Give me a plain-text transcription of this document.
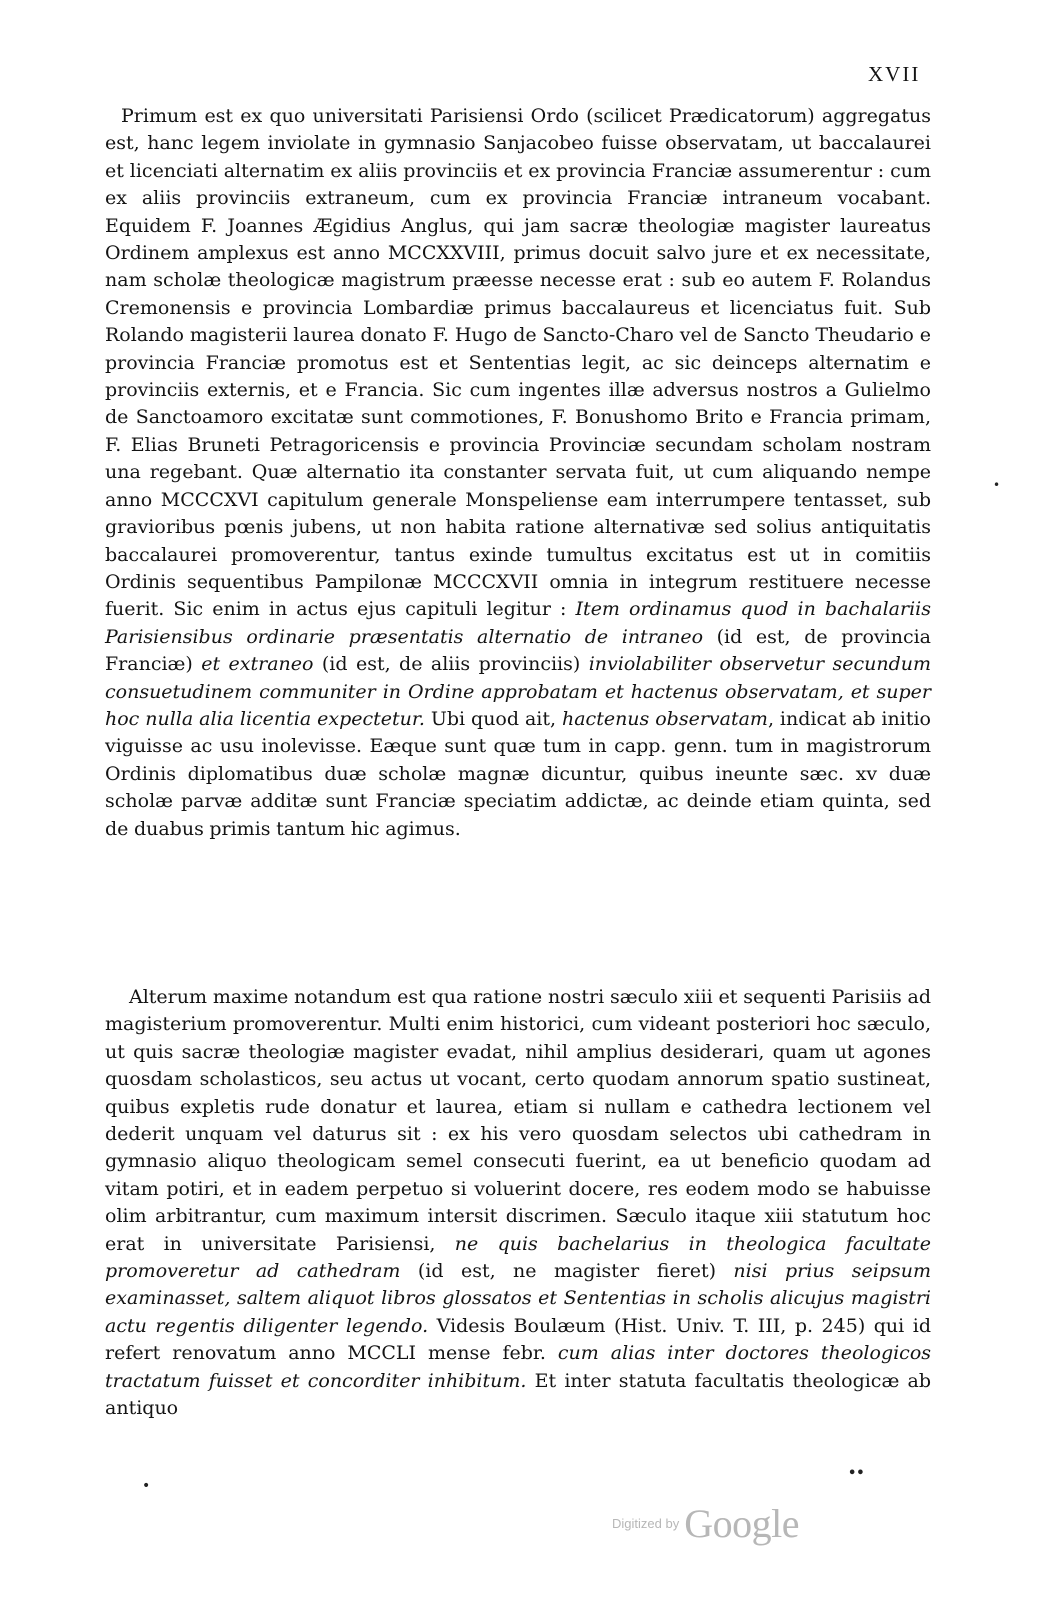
XVII

Primum est ex quo universitati Parisiensi Ordo (scilicet Prædicatorum) aggregatus est, hanc legem inviolate in gymnasio Sanjacobeo fuisse observatam, ut baccalaurei et licenciati alternatim ex aliis provinciis et ex provincia Franciæ assumerentur : cum ex aliis provinciis extraneum, cum ex provincia Franciæ intraneum vocabant. Equidem F. Joannes Ægidius Anglus, qui jam sacræ theologiæ magister laureatus Ordinem amplexus est anno MCCXXVIII, primus docuit salvo jure et ex necessitate, nam scholæ theologicæ magistrum præesse necesse erat : sub eo autem F. Rolandus Cremonensis e provincia Lombardiæ primus baccalaureus et licenciatus fuit. Sub Rolando magisterii laurea donato F. Hugo de Sancto-Charo vel de Sancto Theudario e provincia Franciæ promotus est et Sententias legit, ac sic deinceps alternatim e provinciis externis, et e Francia. Sic cum ingentes illæ adversus nostros a Gulielmo de Sanctoamoro excitatæ sunt commotiones, F. Bonushomo Brito e Francia primam, F. Elias Bruneti Petragoricensis e provincia Provinciæ secundam scholam nostram una regebant. Quæ alternatio ita constanter servata fuit, ut cum aliquando nempe anno MCCCXVI capitulum generale Monspeliense eam interrumpere tentasset, sub gravioribus pœnis jubens, ut non habita ratione alternativæ sed solius antiquitatis baccalaurei promoverentur, tantus exinde tumultus excitatus est ut in comitiis Ordinis sequentibus Pampilonæ MCCCXVII omnia in integrum restituere necesse fuerit. Sic enim in actus ejus capituli legitur : Item ordinamus quod in bachalariis Parisiensibus ordinarie præsentatis alternatio de intraneo (id est, de provincia Franciæ) et extraneo (id est, de aliis provinciis) inviolabiliter observetur secundum consuetudinem communiter in Ordine approbatam et hactenus observatam, et super hoc nulla alia licentia expectetur. Ubi quod ait, hactenus observatam, indicat ab initio viguisse ac usu inolevisse. Eæque sunt quæ tum in capp. genn. tum in magistrorum Ordinis diplomatibus duæ scholæ magnæ dicuntur, quibus ineunte sæc. xv duæ scholæ parvæ additæ sunt Franciæ speciatim addictæ, ac deinde etiam quinta, sed de duabus primis tantum hic agimus.

Alterum maxime notandum est qua ratione nostri sæculo xiii et sequenti Parisiis ad magisterium promoverentur. Multi enim historici, cum videant posteriori hoc sæculo, ut quis sacræ theologiæ magister evadat, nihil amplius desiderari, quam ut agones quosdam scholasticos, seu actus ut vocant, certo quodam annorum spatio sustineat, quibus expletis rude donatur et laurea, etiam si nullam e cathedra lectionem vel dederit unquam vel daturus sit : ex his vero quosdam selectos ubi cathedram in gymnasio aliquo theologicam semel consecuti fuerint, ea ut beneficio quodam ad vitam potiri, et in eadem perpetuo si voluerint docere, res eodem modo se habuisse olim arbitrantur, cum maximum intersit discrimen. Sæculo itaque xiii statutum hoc erat in universitate Parisiensi, ne quis bachelarius in theologica facultate promoveretur ad cathedram (id est, ne magister fieret) nisi prius seipsum examinasset, saltem aliquot libros glossatos et Sententias in scholis alicujus magistri actu regentis diligenter legendo. Videsis Boulæum (Hist. Univ. T. III, p. 245) qui id refert renovatum anno MCCLI mense febr. cum alias inter doctores theologicos tractatum fuisset et concorditer inhibitum. Et inter statuta facultatis theologicæ ab antiquo

•
•
••
Digitized by Google
